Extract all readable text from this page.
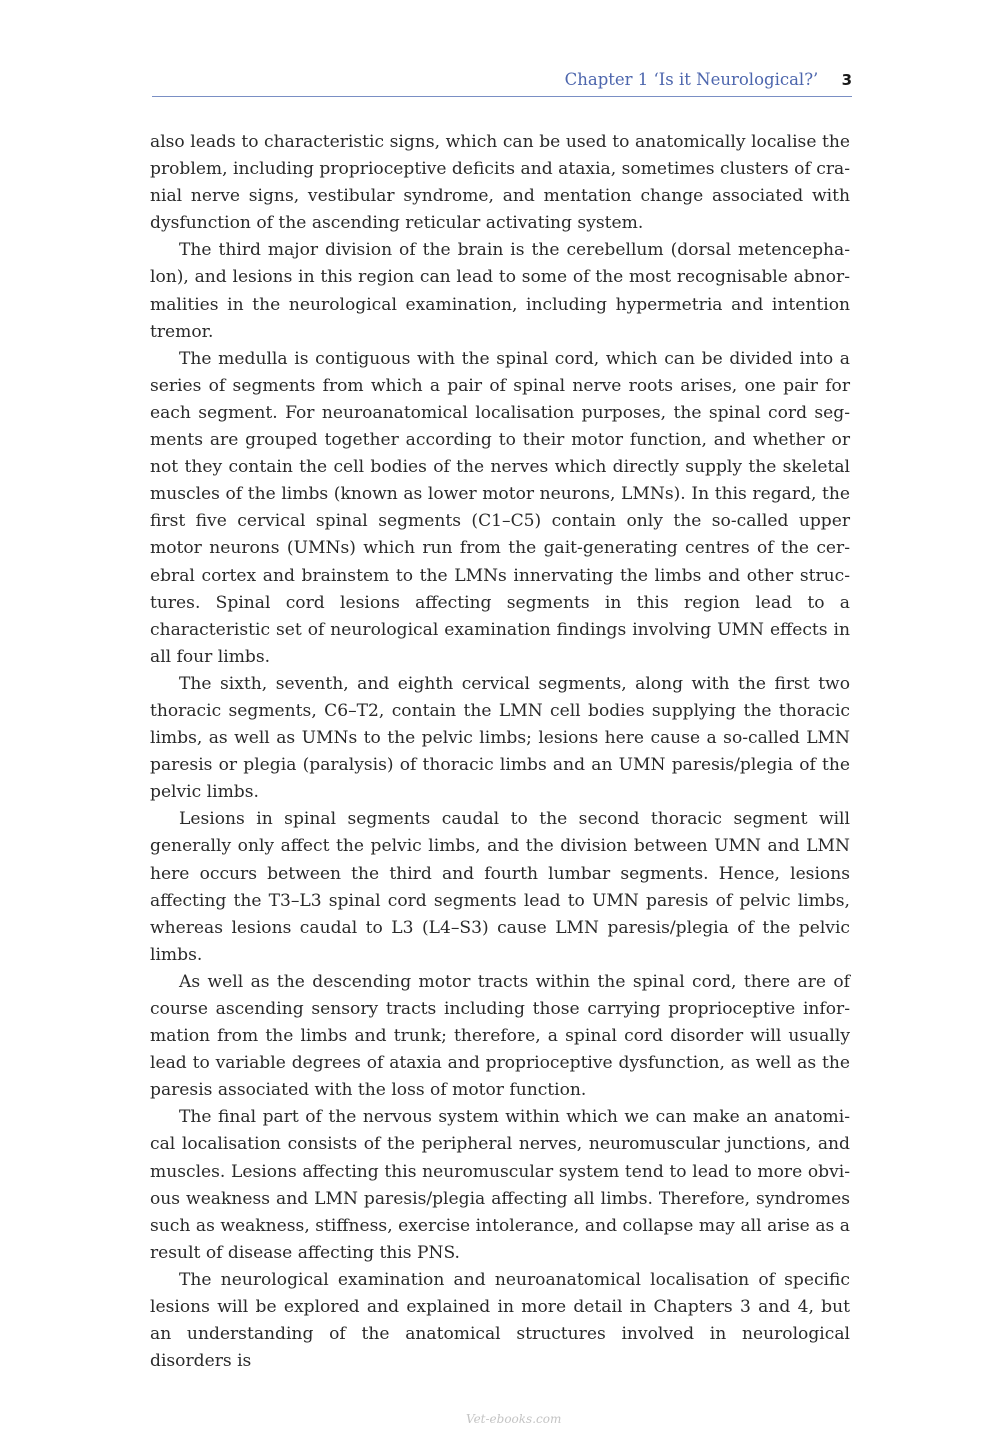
Chapter 1 ‘Is it Neurological?’ 3

also leads to characteristic signs, which can be used to anatomically localise the problem, including proprioceptive deficits and ataxia, sometimes clusters of cranial nerve signs, vestibular syndrome, and mentation change associated with dysfunction of the ascending reticular activating system.

The third major division of the brain is the cerebellum (dorsal metencephalon), and lesions in this region can lead to some of the most recognisable abnormalities in the neurological examination, including hypermetria and intention tremor.

The medulla is contiguous with the spinal cord, which can be divided into a series of segments from which a pair of spinal nerve roots arises, one pair for each segment. For neuroanatomical localisation purposes, the spinal cord segments are grouped together according to their motor function, and whether or not they contain the cell bodies of the nerves which directly supply the skeletal muscles of the limbs (known as lower motor neurons, LMNs). In this regard, the first five cervical spinal segments (C1–C5) contain only the so-called upper motor neurons (UMNs) which run from the gait-generating centres of the cerebral cortex and brainstem to the LMNs innervating the limbs and other structures. Spinal cord lesions affecting segments in this region lead to a characteristic set of neurological examination findings involving UMN effects in all four limbs.

The sixth, seventh, and eighth cervical segments, along with the first two thoracic segments, C6–T2, contain the LMN cell bodies supplying the thoracic limbs, as well as UMNs to the pelvic limbs; lesions here cause a so-called LMN paresis or plegia (paralysis) of thoracic limbs and an UMN paresis/plegia of the pelvic limbs.

Lesions in spinal segments caudal to the second thoracic segment will generally only affect the pelvic limbs, and the division between UMN and LMN here occurs between the third and fourth lumbar segments. Hence, lesions affecting the T3–L3 spinal cord segments lead to UMN paresis of pelvic limbs, whereas lesions caudal to L3 (L4–S3) cause LMN paresis/plegia of the pelvic limbs.

As well as the descending motor tracts within the spinal cord, there are of course ascending sensory tracts including those carrying proprioceptive information from the limbs and trunk; therefore, a spinal cord disorder will usually lead to variable degrees of ataxia and proprioceptive dysfunction, as well as the paresis associated with the loss of motor function.

The final part of the nervous system within which we can make an anatomical localisation consists of the peripheral nerves, neuromuscular junctions, and muscles. Lesions affecting this neuromuscular system tend to lead to more obvious weakness and LMN paresis/plegia affecting all limbs. Therefore, syndromes such as weakness, stiffness, exercise intolerance, and collapse may all arise as a result of disease affecting this PNS.

The neurological examination and neuroanatomical localisation of specific lesions will be explored and explained in more detail in Chapters 3 and 4, but an understanding of the anatomical structures involved in neurological disorders is

Vet-ebooks.com
